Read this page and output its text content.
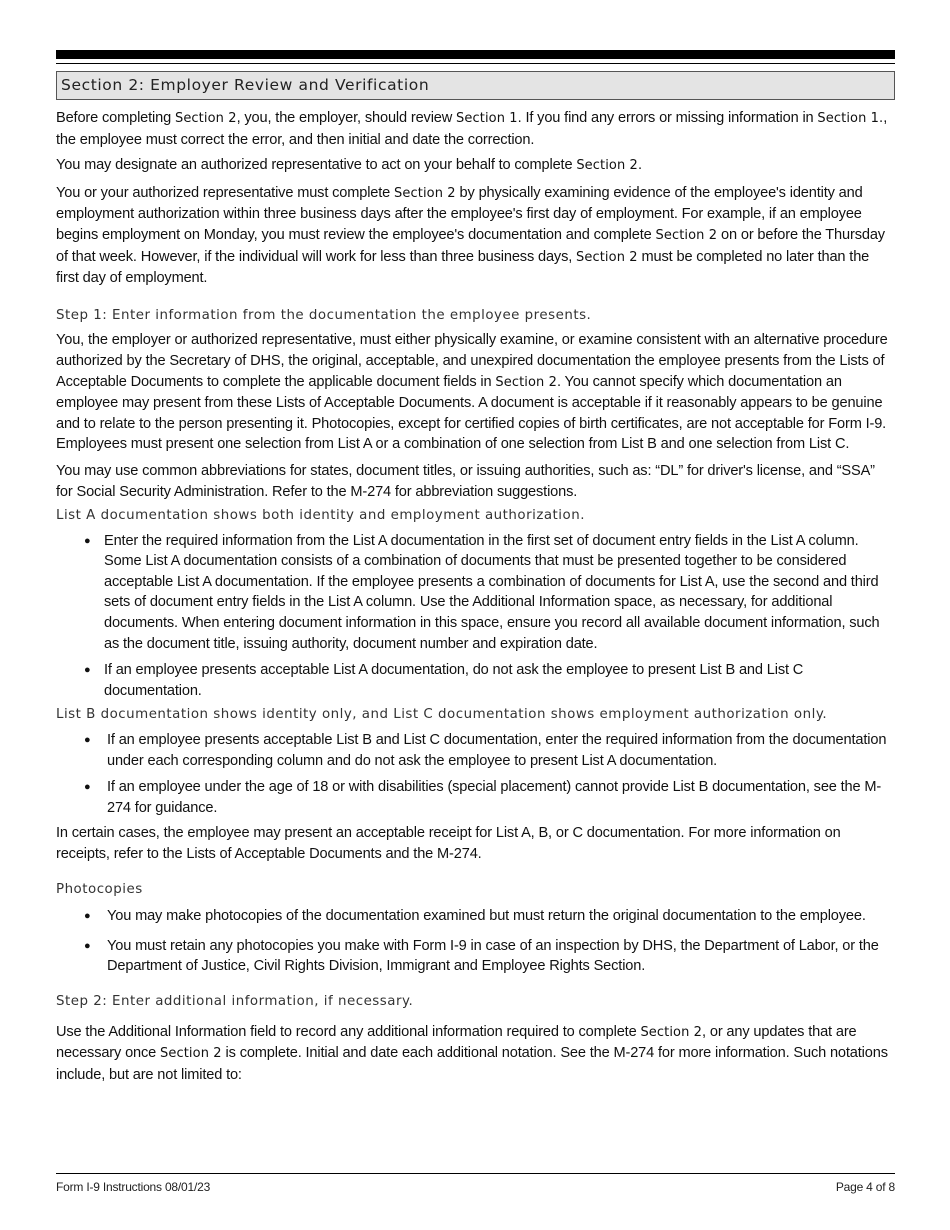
Section 2: Employer Review and Verification

Before completing Section 2, you, the employer, should review Section 1. If you find any errors or missing information in Section 1., the employee must correct the error, and then initial and date the correction.

You may designate an authorized representative to act on your behalf to complete Section 2.

You or your authorized representative must complete Section 2 by physically examining evidence of the employee's identity and employment authorization within three business days after the employee's first day of employment. For example, if an employee begins employment on Monday, you must review the employee's documentation and complete Section 2 on or before the Thursday of that week. However, if the individual will work for less than three business days, Section 2 must be completed no later than the first day of employment.

Step 1: Enter information from the documentation the employee presents.

You, the employer or authorized representative, must either physically examine, or examine consistent with an alternative procedure authorized by the Secretary of DHS, the original, acceptable, and unexpired documentation the employee presents from the Lists of Acceptable Documents to complete the applicable document fields in Section 2. You cannot specify which documentation an employee may present from these Lists of Acceptable Documents. A document is acceptable if it reasonably appears to be genuine and to relate to the person presenting it. Photocopies, except for certified copies of birth certificates, are not acceptable for Form I-9. Employees must present one selection from List A or a combination of one selection from List B and one selection from List C.

You may use common abbreviations for states, document titles, or issuing authorities, such as: “DL” for driver's license, and “SSA” for Social Security Administration. Refer to the M-274 for abbreviation suggestions.

List A documentation shows both identity and employment authorization.

● Enter the required information from the List A documentation in the first set of document entry fields in the List A column. Some List A documentation consists of a combination of documents that must be presented together to be considered acceptable List A documentation. If the employee presents a combination of documents for List A, use the second and third sets of document entry fields in the List A column. Use the Additional Information space, as necessary, for additional documents. When entering document information in this space, ensure you record all available document information, such as the document title, issuing authority, document number and expiration date.
● If an employee presents acceptable List A documentation, do not ask the employee to present List B and List C documentation.

List B documentation shows identity only, and List C documentation shows employment authorization only.

● If an employee presents acceptable List B and List C documentation, enter the required information from the documentation under each corresponding column and do not ask the employee to present List A documentation.
● If an employee under the age of 18 or with disabilities (special placement) cannot provide List B documentation, see the M-274 for guidance.

In certain cases, the employee may present an acceptable receipt for List A, B, or C documentation. For more information on receipts, refer to the Lists of Acceptable Documents and the M-274.

Photocopies

● You may make photocopies of the documentation examined but must return the original documentation to the employee.
● You must retain any photocopies you make with Form I-9 in case of an inspection by DHS, the Department of Labor, or the Department of Justice, Civil Rights Division, Immigrant and Employee Rights Section.

Step 2: Enter additional information, if necessary.

Use the Additional Information field to record any additional information required to complete Section 2, or any updates that are necessary once Section 2 is complete. Initial and date each additional notation. See the M-274 for more information. Such notations include, but are not limited to:

Form I-9 Instructions 08/01/23	Page 4 of 8
